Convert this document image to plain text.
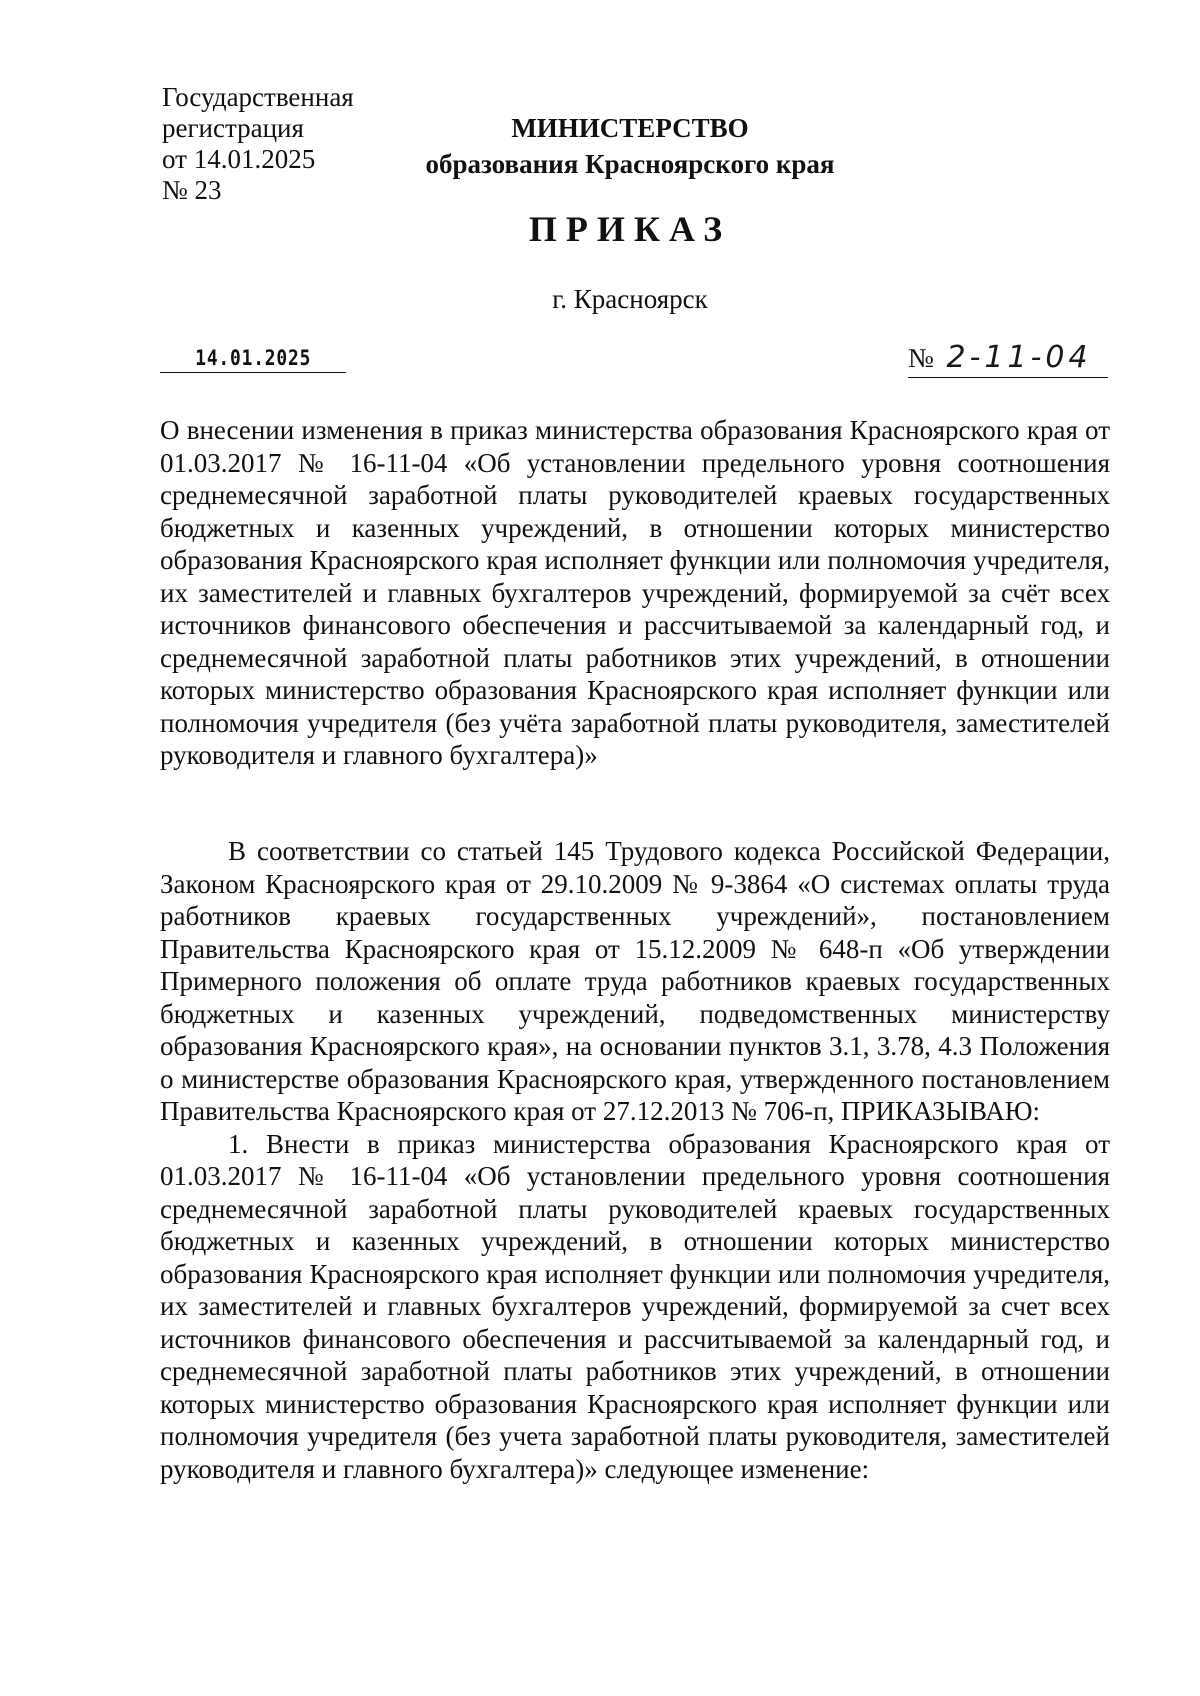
Государственная
регистрация
от 14.01.2025
№ 23
МИНИСТЕРСТВО
образования Красноярского края
ПРИКАЗ
г. Красноярск
14.01.2025	№ 2-11-04

О внесении изменения в приказ министерства образования Красноярского края от 01.03.2017 № 16-11-04 «Об установлении предельного уровня соотношения среднемесячной заработной платы руководителей краевых государственных бюджетных и казенных учреждений, в отношении которых министерство образования Красноярского края исполняет функции или полномочия учредителя, их заместителей и главных бухгалтеров учреждений, формируемой за счёт всех источников финансового обеспечения и рассчитываемой за календарный год, и среднемесячной заработной платы работников этих учреждений, в отношении которых министерство образования Красноярского края исполняет функции или полномочия учредителя (без учёта заработной платы руководителя, заместителей руководителя и главного бухгалтера)»

В соответствии со статьей 145 Трудового кодекса Российской Федерации, Законом Красноярского края от 29.10.2009 № 9-3864 «О системах оплаты труда работников краевых государственных учреждений», постановлением Правительства Красноярского края от 15.12.2009 № 648-п «Об утверждении Примерного положения об оплате труда работников краевых государственных бюджетных и казенных учреждений, подведомственных министерству образования Красноярского края», на основании пунктов 3.1, 3.78, 4.3 Положения о министерстве образования Красноярского края, утвержденного постановлением Правительства Красноярского края от 27.12.2013 № 706-п, ПРИКАЗЫВАЮ:

1. Внести в приказ министерства образования Красноярского края от 01.03.2017 № 16-11-04 «Об установлении предельного уровня соотношения среднемесячной заработной платы руководителей краевых государственных бюджетных и казенных учреждений, в отношении которых министерство образования Красноярского края исполняет функции или полномочия учредителя, их заместителей и главных бухгалтеров учреждений, формируемой за счет всех источников финансового обеспечения и рассчитываемой за календарный год, и среднемесячной заработной платы работников этих учреждений, в отношении которых министерство образования Красноярского края исполняет функции или полномочия учредителя (без учета заработной платы руководителя, заместителей руководителя и главного бухгалтера)» следующее изменение:
